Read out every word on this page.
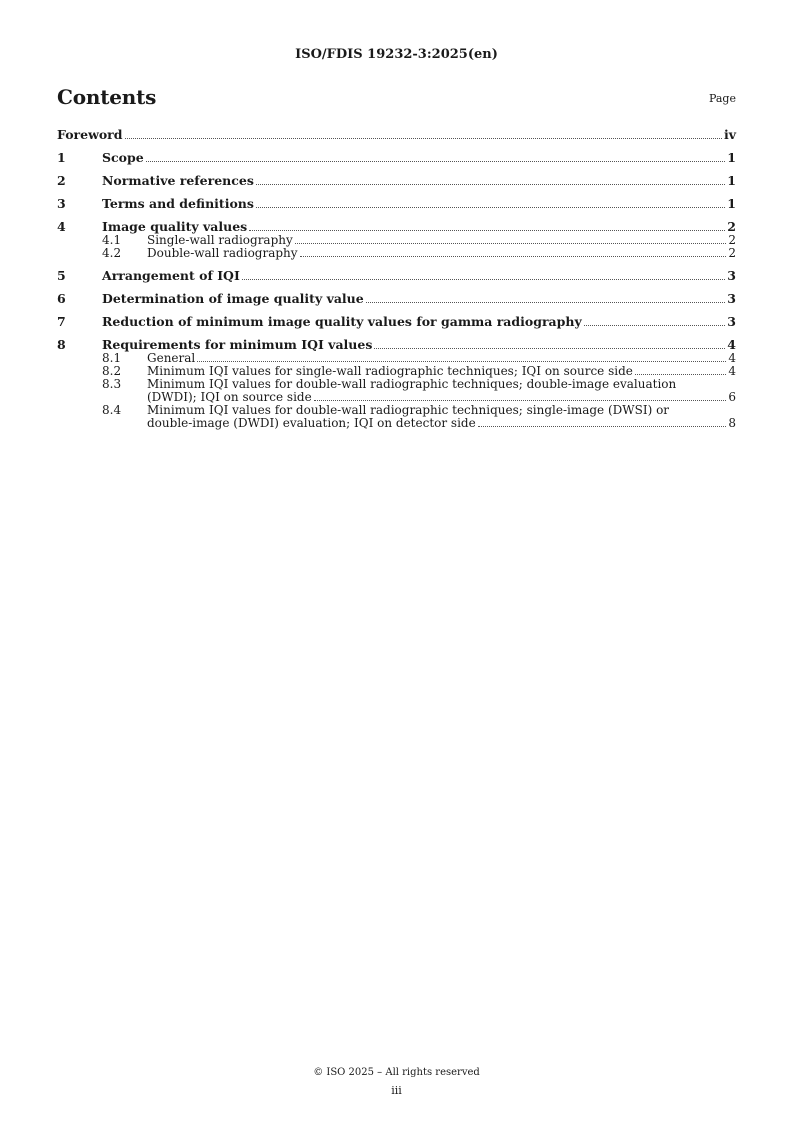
ISO/FDIS 19232-3:2025(en)
Contents	Page
Foreword	iv
1	Scope	1
2	Normative references	1
3	Terms and definitions	1
4	Image quality values	2
4.1	Single-wall radiography	2
4.2	Double-wall radiography	2
5	Arrangement of IQI	3
6	Determination of image quality value	3
7	Reduction of minimum image quality values for gamma radiography	3
8	Requirements for minimum IQI values	4
8.1	General	4
8.2	Minimum IQI values for single-wall radiographic techniques; IQI on source side	4
8.3	Minimum IQI values for double-wall radiographic techniques; double-image evaluation
(DWDI); IQI on source side	6
8.4	Minimum IQI values for double-wall radiographic techniques; single-image (DWSI) or
double-image (DWDI) evaluation; IQI on detector side	8
© ISO 2025 – All rights reserved
iii
